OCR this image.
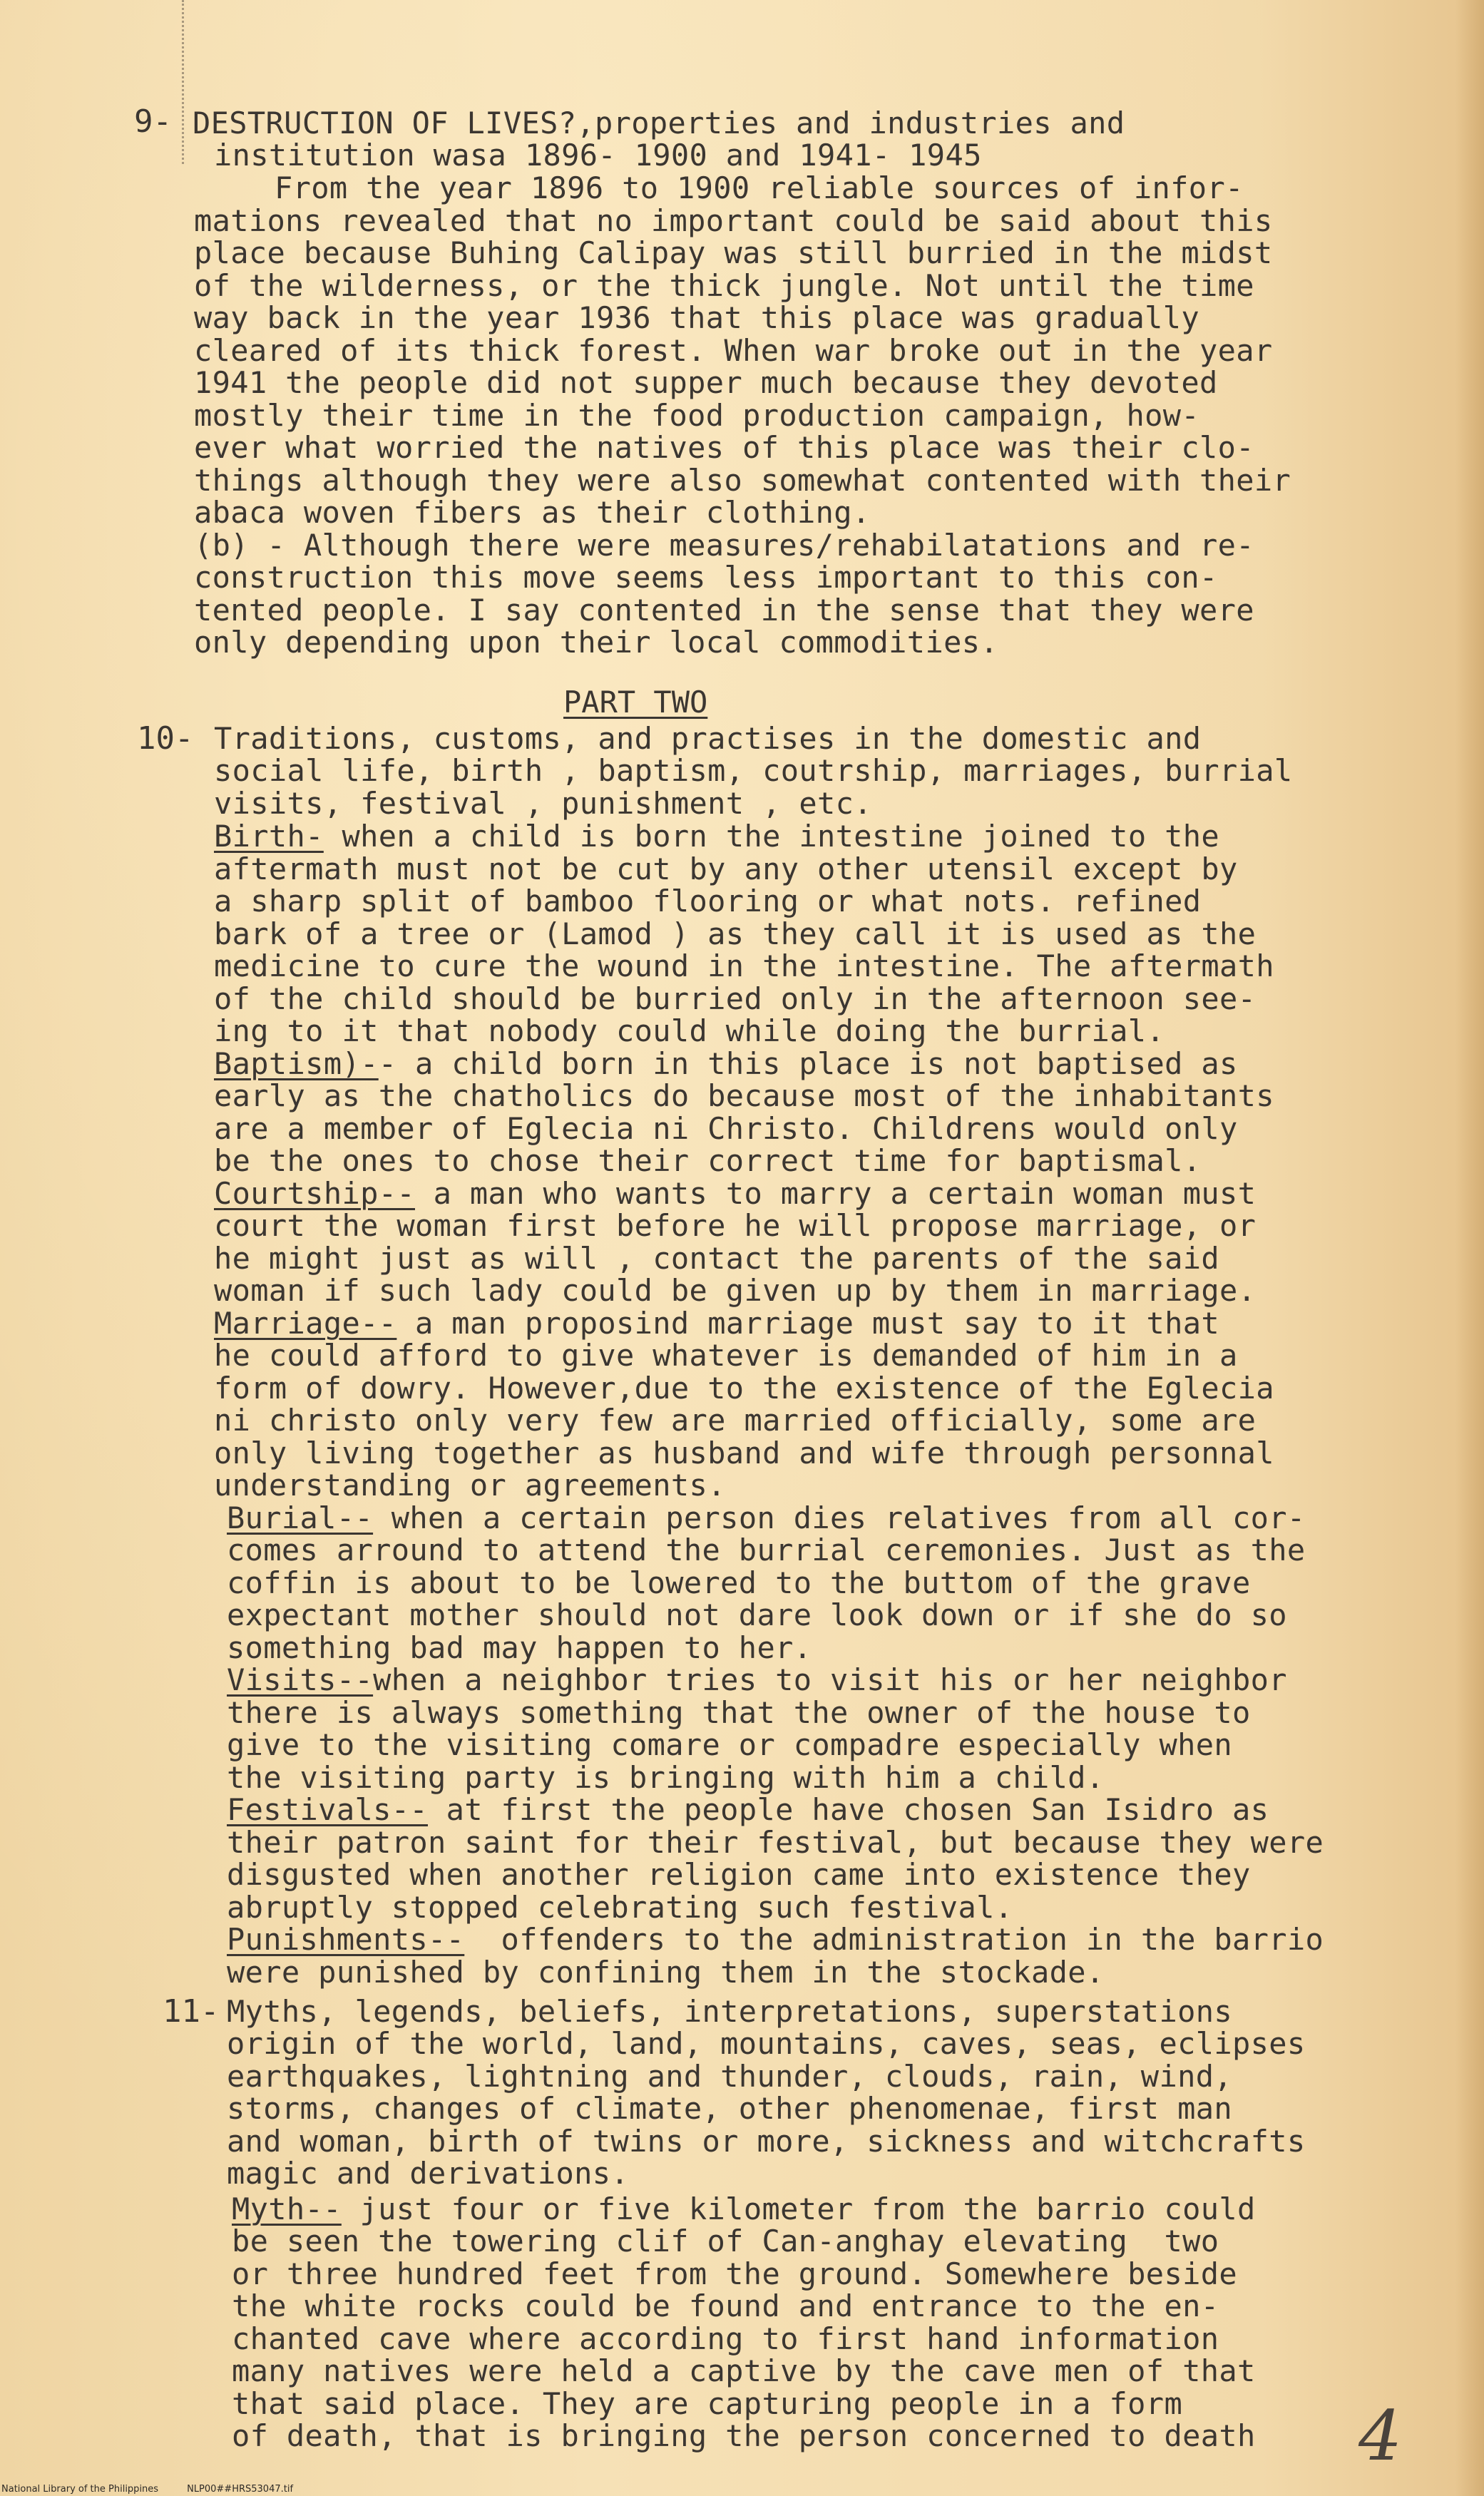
9- DESTRUCTION OF LIVES?,properties and industries and
institution wasa 1896- 1900 and 1941- 1945
From the year 1896 to 1900 reliable sources of infor-
mations revealed that no important could be said about this
place because Buhing Calipay was still burried in the midst
of the wilderness, or the thick jungle. Not until the time
way back in the year 1936 that this place was gradually
cleared of its thick forest. When war broke out in the year
1941 the people did not supper much because they devoted
mostly their time in the food production campaign, how-
ever what worried the natives of this place was their clo-
things although they were also somewhat contented with their
abaca woven fibers as their clothing.
(b) - Although there were measures/rehabilatations and re-
construction this move seems less important to this con-
tented people. I say contented in the sense that they were
only depending upon their local commodities.
PART TWO
10- Traditions, customs, and practises in the domestic and
social life, birth , baptism, coutrship, marriages, burrial
visits, festival , punishment , etc.
Birth- when a child is born the intestine joined to the
aftermath must not be cut by any other utensil except by
a sharp split of bamboo flooring or what nots. refined
bark of a tree or (Lamod ) as they call it is used as the
medicine to cure the wound in the intestine. The aftermath
of the child should be burried only in the afternoon see-
ing to it that nobody could while doing the burrial.
Baptism)-- a child born in this place is not baptised as
early as the chatholics do because most of the inhabitants
are a member of Eglecia ni Christo. Childrens would only
be the ones to chose their correct time for baptismal.
Courtship-- a man who wants to marry a certain woman must
court the woman first before he will propose marriage, or
he might just as will , contact the parents of the said
woman if such lady could be given up by them in marriage.
Marriage-- a man proposind marriage must say to it that
he could afford to give whatever is demanded of him in a
form of dowry. However,due to the existence of the Eglecia
ni christo only very few are married officially, some are
only living together as husband and wife through personnal
understanding or agreements.
Burial-- when a certain person dies relatives from all cor-
comes arround to attend the burrial ceremonies. Just as the
coffin is about to be lowered to the buttom of the grave
expectant mother should not dare look down or if she do so
something bad may happen to her.
Visits--when a neighbor tries to visit his or her neighbor
there is always something that the owner of the house to
give to the visiting comare or compadre especially when
the visiting party is bringing with him a child.
Festivals-- at first the people have chosen San Isidro as
their patron saint for their festival, but because they were
disgusted when another religion came into existence they
abruptly stopped celebrating such festival.
Punishments--  offenders to the administration in the barrio
were punished by confining them in the stockade.
11- Myths, legends, beliefs, interpretations, superstations
origin of the world, land, mountains, caves, seas, eclipses
earthquakes, lightning and thunder, clouds, rain, wind,
storms, changes of climate, other phenomenae, first man
and woman, birth of twins or more, sickness and witchcrafts
magic and derivations.
Myth-- just four or five kilometer from the barrio could
be seen the towering clif of Can-anghay elevating  two
or three hundred feet from the ground. Somewhere beside
the white rocks could be found and entrance to the en-
chanted cave where according to first hand information
many natives were held a captive by the cave men of that
that said place. They are capturing people in a form
of death, that is bringing the person concerned to death 4
National Library of the Philippines	NLP00##HRS53047.tif
